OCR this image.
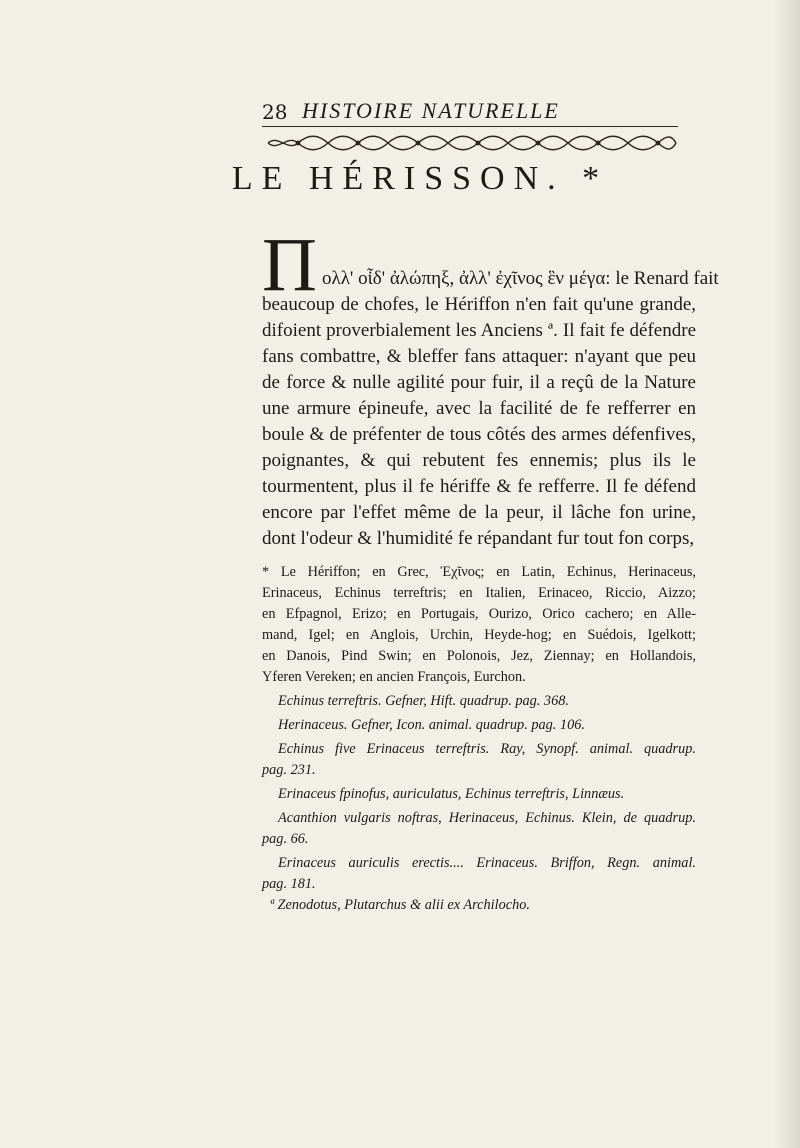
28 HISTOIRE NATURELLE
LE HÉRISSON. *
Π ολλ' οἶδ' ἀλώπηξ, ἀλλ' ἐχῖνος ἓν μέγα: le Renard fait
beaucoup de chofes, le Hériffon n'en fait qu'une grande,
difoient proverbialement les Anciens ª. Il fait fe défendre
fans combattre, & bleffer fans attaquer: n'ayant que peu
de force & nulle agilité pour fuir, il a reçû de la Nature
une armure épineufe, avec la facilité de fe refferrer en
boule & de préfenter de tous côtés des armes défenfives,
poignantes, & qui rebutent fes ennemis; plus ils le
tourmentent, plus il fe hériffe & fe refferre. Il fe défend
encore par l'effet même de la peur, il lâche fon urine,
dont l'odeur & l'humidité fe répandant fur tout fon corps,
* Le Hériffon; en Grec, Ἐχῖνος; en Latin, Echinus, Herinaceus,
Erinaceus, Echinus terreftris; en Italien, Erinaceo, Riccio, Aizzo;
en Efpagnol, Erizo; en Portugais, Ourizo, Orico cachero; en Alle-
mand, Igel; en Anglois, Urchin, Heyde-hog; en Suédois, Igelkott;
en Danois, Pind Swin; en Polonois, Jez, Ziennay; en Hollandois,
Yferen Vereken; en ancien François, Eurchon.
Echinus terreftris. Gefner, Hift. quadrup. pag. 368.
Herinaceus. Gefner, Icon. animal. quadrup. pag. 106.
Echinus five Erinaceus terreftris. Ray, Synopf. animal. quadrup.
pag. 231.
Erinaceus fpinofus, auriculatus, Echinus terreftris, Linnæus.
Acanthion vulgaris noftras, Herinaceus, Echinus. Klein, de quadrup.
pag. 66.
Erinaceus auriculis erectis.... Erinaceus. Briffon, Regn. animal.
pag. 181.
ª Zenodotus, Plutarchus & alii ex Archilocho.
